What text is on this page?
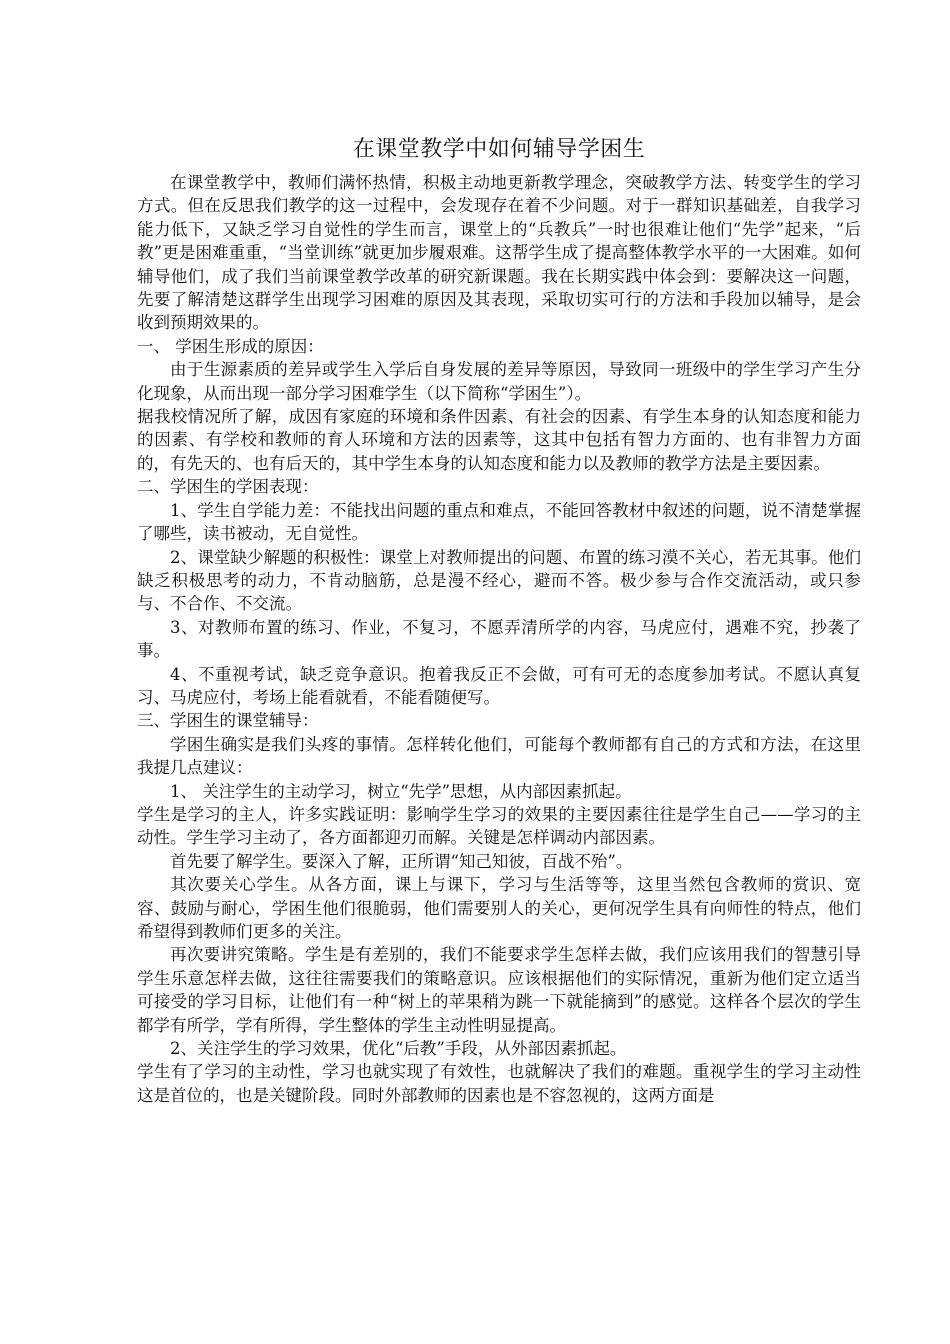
在课堂教学中如何辅导学困生

在课堂教学中，教师们满怀热情，积极主动地更新教学理念，突破教学方法、转变学生的学习方式。但在反思我们教学的这一过程中，会发现存在着不少问题。对于一群知识基础差，自我学习能力低下，又缺乏学习自觉性的学生而言，课堂上的“兵教兵”一时也很难让他们“先学”起来，“后教”更是困难重重，“当堂训练”就更加步履艰难。这帮学生成了提高整体教学水平的一大困难。如何辅导他们，成了我们当前课堂教学改革的研究新课题。我在长期实践中体会到：要解决这一问题，先要了解清楚这群学生出现学习困难的原因及其表现，采取切实可行的方法和手段加以辅导，是会收到预期效果的。

一、 学困生形成的原因：

由于生源素质的差异或学生入学后自身发展的差异等原因，导致同一班级中的学生学习产生分化现象，从而出现一部分学习困难学生（以下简称“学困生”）。

据我校情况所了解，成因有家庭的环境和条件因素、有社会的因素、有学生本身的认知态度和能力的因素、有学校和教师的育人环境和方法的因素等，这其中包括有智力方面的、也有非智力方面的，有先天的、也有后天的，其中学生本身的认知态度和能力以及教师的教学方法是主要因素。

二、学困生的学困表现：

1、学生自学能力差：不能找出问题的重点和难点，不能回答教材中叙述的问题，说不清楚掌握了哪些，读书被动，无自觉性。

2、课堂缺少解题的积极性：课堂上对教师提出的问题、布置的练习漠不关心，若无其事。他们缺乏积极思考的动力，不肯动脑筋，总是漫不经心，避而不答。极少参与合作交流活动，或只参与、不合作、不交流。

3、对教师布置的练习、作业，不复习，不愿弄清所学的内容，马虎应付，遇难不究，抄袭了事。

4、不重视考试，缺乏竞争意识。抱着我反正不会做，可有可无的态度参加考试。不愿认真复习、马虎应付，考场上能看就看，不能看随便写。

三、学困生的课堂辅导：

学困生确实是我们头疼的事情。怎样转化他们，可能每个教师都有自己的方式和方法，在这里我提几点建议：

1、 关注学生的主动学习，树立“先学”思想，从内部因素抓起。

学生是学习的主人，许多实践证明：影响学生学习的效果的主要因素往往是学生自己——学习的主动性。学生学习主动了，各方面都迎刃而解。关键是怎样调动内部因素。

首先要了解学生。要深入了解，正所谓“知己知彼，百战不殆”。

其次要关心学生。从各方面，课上与课下，学习与生活等等，这里当然包含教师的赏识、宽容、鼓励与耐心，学困生他们很脆弱，他们需要别人的关心，更何况学生具有向师性的特点，他们希望得到教师们更多的关注。

再次要讲究策略。学生是有差别的，我们不能要求学生怎样去做，我们应该用我们的智慧引导学生乐意怎样去做，这往往需要我们的策略意识。应该根据他们的实际情况，重新为他们定立适当可接受的学习目标，让他们有一种“树上的苹果稍为跳一下就能摘到”的感觉。这样各个层次的学生都学有所学，学有所得，学生整体的学生主动性明显提高。

2、关注学生的学习效果，优化“后教”手段，从外部因素抓起。

学生有了学习的主动性，学习也就实现了有效性，也就解决了我们的难题。重视学生的学习主动性这是首位的，也是关键阶段。同时外部教师的因素也是不容忽视的，这两方面是
